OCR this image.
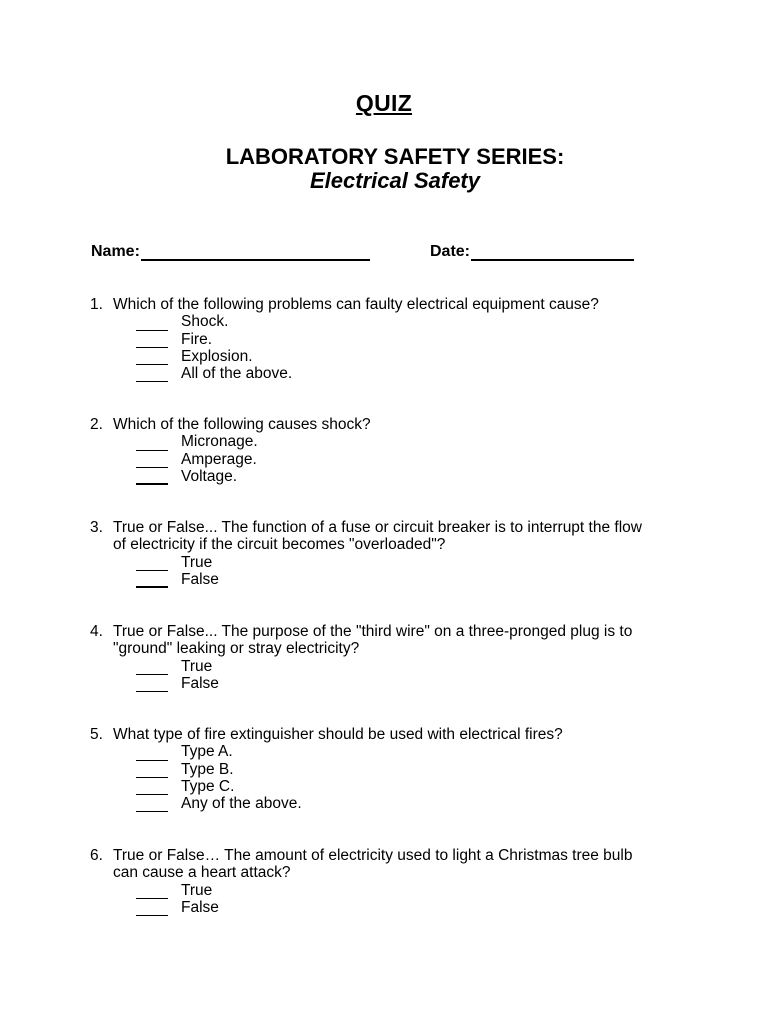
QUIZ
LABORATORY SAFETY SERIES:
Electrical Safety
Name:	Date:
1. Which of the following problems can faulty electrical equipment cause?
Shock.
Fire.
Explosion.
All of the above.
2. Which of the following causes shock?
Micronage.
Amperage.
Voltage.
3. True or False... The function of a fuse or circuit breaker is to interrupt the flow
of electricity if the circuit becomes "overloaded"?
True
False
4. True or False... The purpose of the "third wire" on a three-pronged plug is to
"ground" leaking or stray electricity?
True
False
5. What type of fire extinguisher should be used with electrical fires?
Type A.
Type B.
Type C.
Any of the above.
6. True or False… The amount of electricity used to light a Christmas tree bulb
can cause a heart attack?
True
False
